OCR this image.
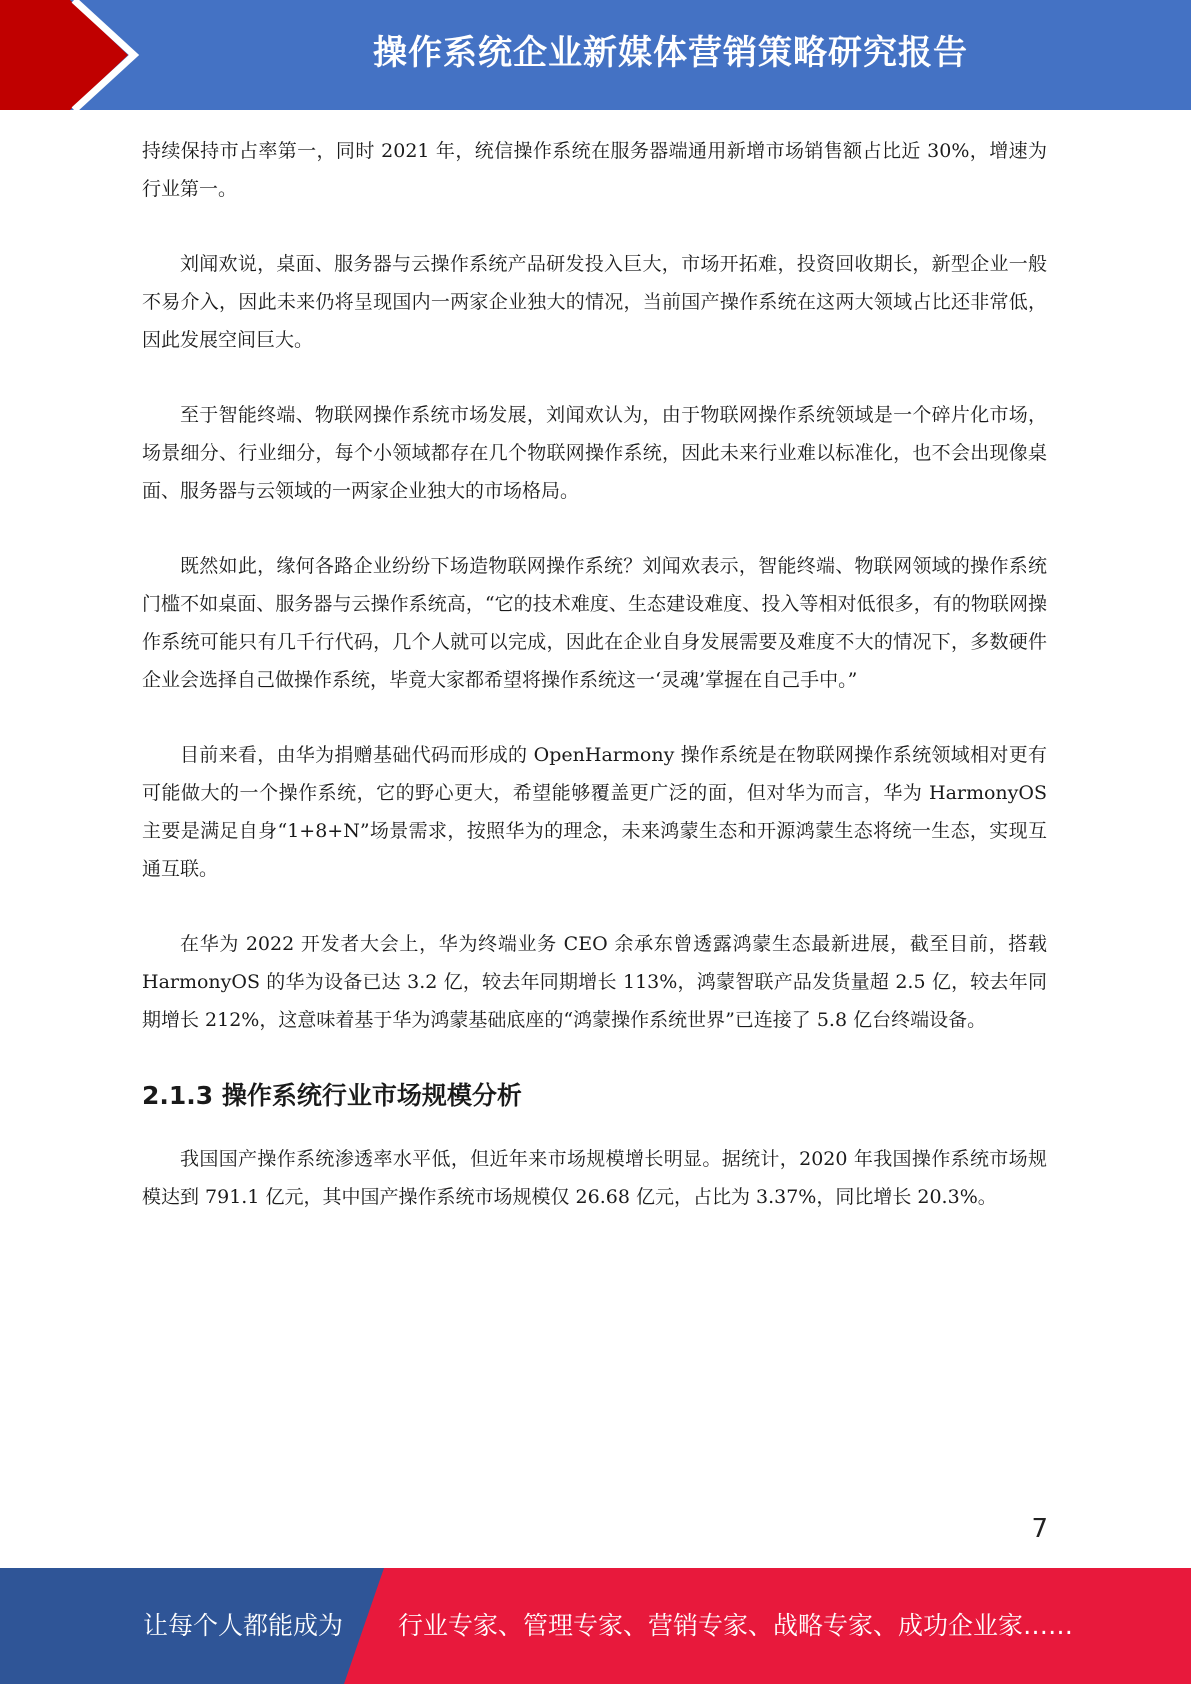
操作系统企业新媒体营销策略研究报告

持续保持市占率第一，同时 2021 年，统信操作系统在服务器端通用新增市场销售额占比近 30%，增速为行业第一。

刘闻欢说，桌面、服务器与云操作系统产品研发投入巨大，市场开拓难，投资回收期长，新型企业一般不易介入，因此未来仍将呈现国内一两家企业独大的情况，当前国产操作系统在这两大领域占比还非常低，因此发展空间巨大。

至于智能终端、物联网操作系统市场发展，刘闻欢认为，由于物联网操作系统领域是一个碎片化市场，场景细分、行业细分，每个小领域都存在几个物联网操作系统，因此未来行业难以标准化，也不会出现像桌面、服务器与云领域的一两家企业独大的市场格局。

既然如此，缘何各路企业纷纷下场造物联网操作系统？刘闻欢表示，智能终端、物联网领域的操作系统门槛不如桌面、服务器与云操作系统高，“它的技术难度、生态建设难度、投入等相对低很多，有的物联网操作系统可能只有几千行代码，几个人就可以完成，因此在企业自身发展需要及难度不大的情况下，多数硬件企业会选择自己做操作系统，毕竟大家都希望将操作系统这一‘灵魂’掌握在自己手中。”

目前来看，由华为捐赠基础代码而形成的 OpenHarmony 操作系统是在物联网操作系统领域相对更有可能做大的一个操作系统，它的野心更大，希望能够覆盖更广泛的面，但对华为而言，华为 HarmonyOS 主要是满足自身“1+8+N”场景需求，按照华为的理念，未来鸿蒙生态和开源鸿蒙生态将统一生态，实现互通互联。

在华为 2022 开发者大会上，华为终端业务 CEO 余承东曾透露鸿蒙生态最新进展，截至目前，搭载 HarmonyOS 的华为设备已达 3.2 亿，较去年同期增长 113%，鸿蒙智联产品发货量超 2.5 亿，较去年同期增长 212%，这意味着基于华为鸿蒙基础底座的“鸿蒙操作系统世界”已连接了 5.8 亿台终端设备。

2.1.3 操作系统行业市场规模分析

我国国产操作系统渗透率水平低，但近年来市场规模增长明显。据统计，2020 年我国操作系统市场规模达到 791.1 亿元，其中国产操作系统市场规模仅 26.68 亿元，占比为 3.37%，同比增长 20.3%。

7
让每个人都能成为 行业专家、管理专家、营销专家、战略专家、成功企业家……
